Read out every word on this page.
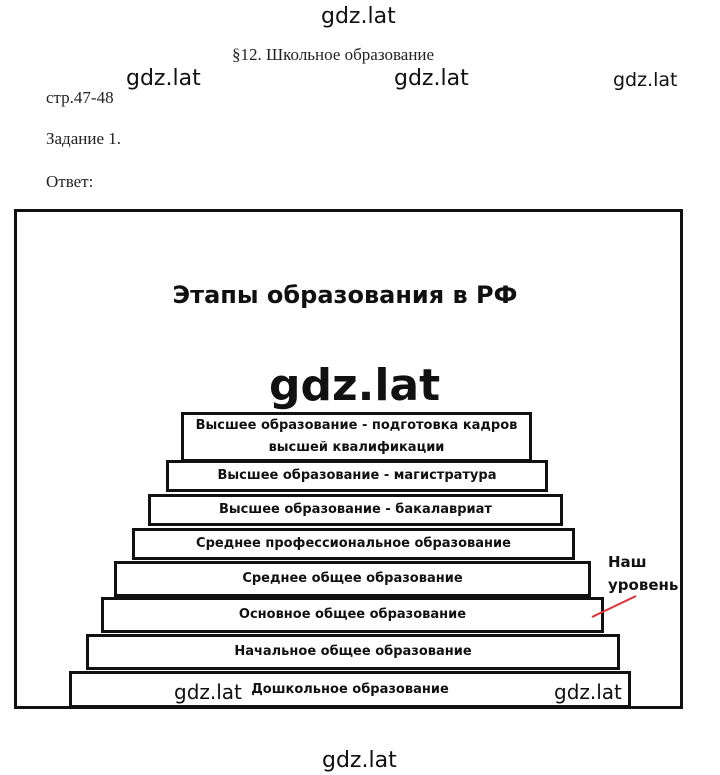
gdz.lat
gdz.lat	gdz.lat	gdz.lat
§12. Школьное образование
стр.47-48
Задание 1.
Ответ:
Этапы образования в РФ
gdz.lat
Высшее образование - подготовка кадров высшей квалификации
Высшее образование - магистратура
Высшее образование - бакалавриат
Среднее профессиональное образование
Среднее общее образование
Основное общее образование
Начальное общее образование
Дошкольное образование
Наш уровень
gdz.lat	gdz.lat
gdz.lat
